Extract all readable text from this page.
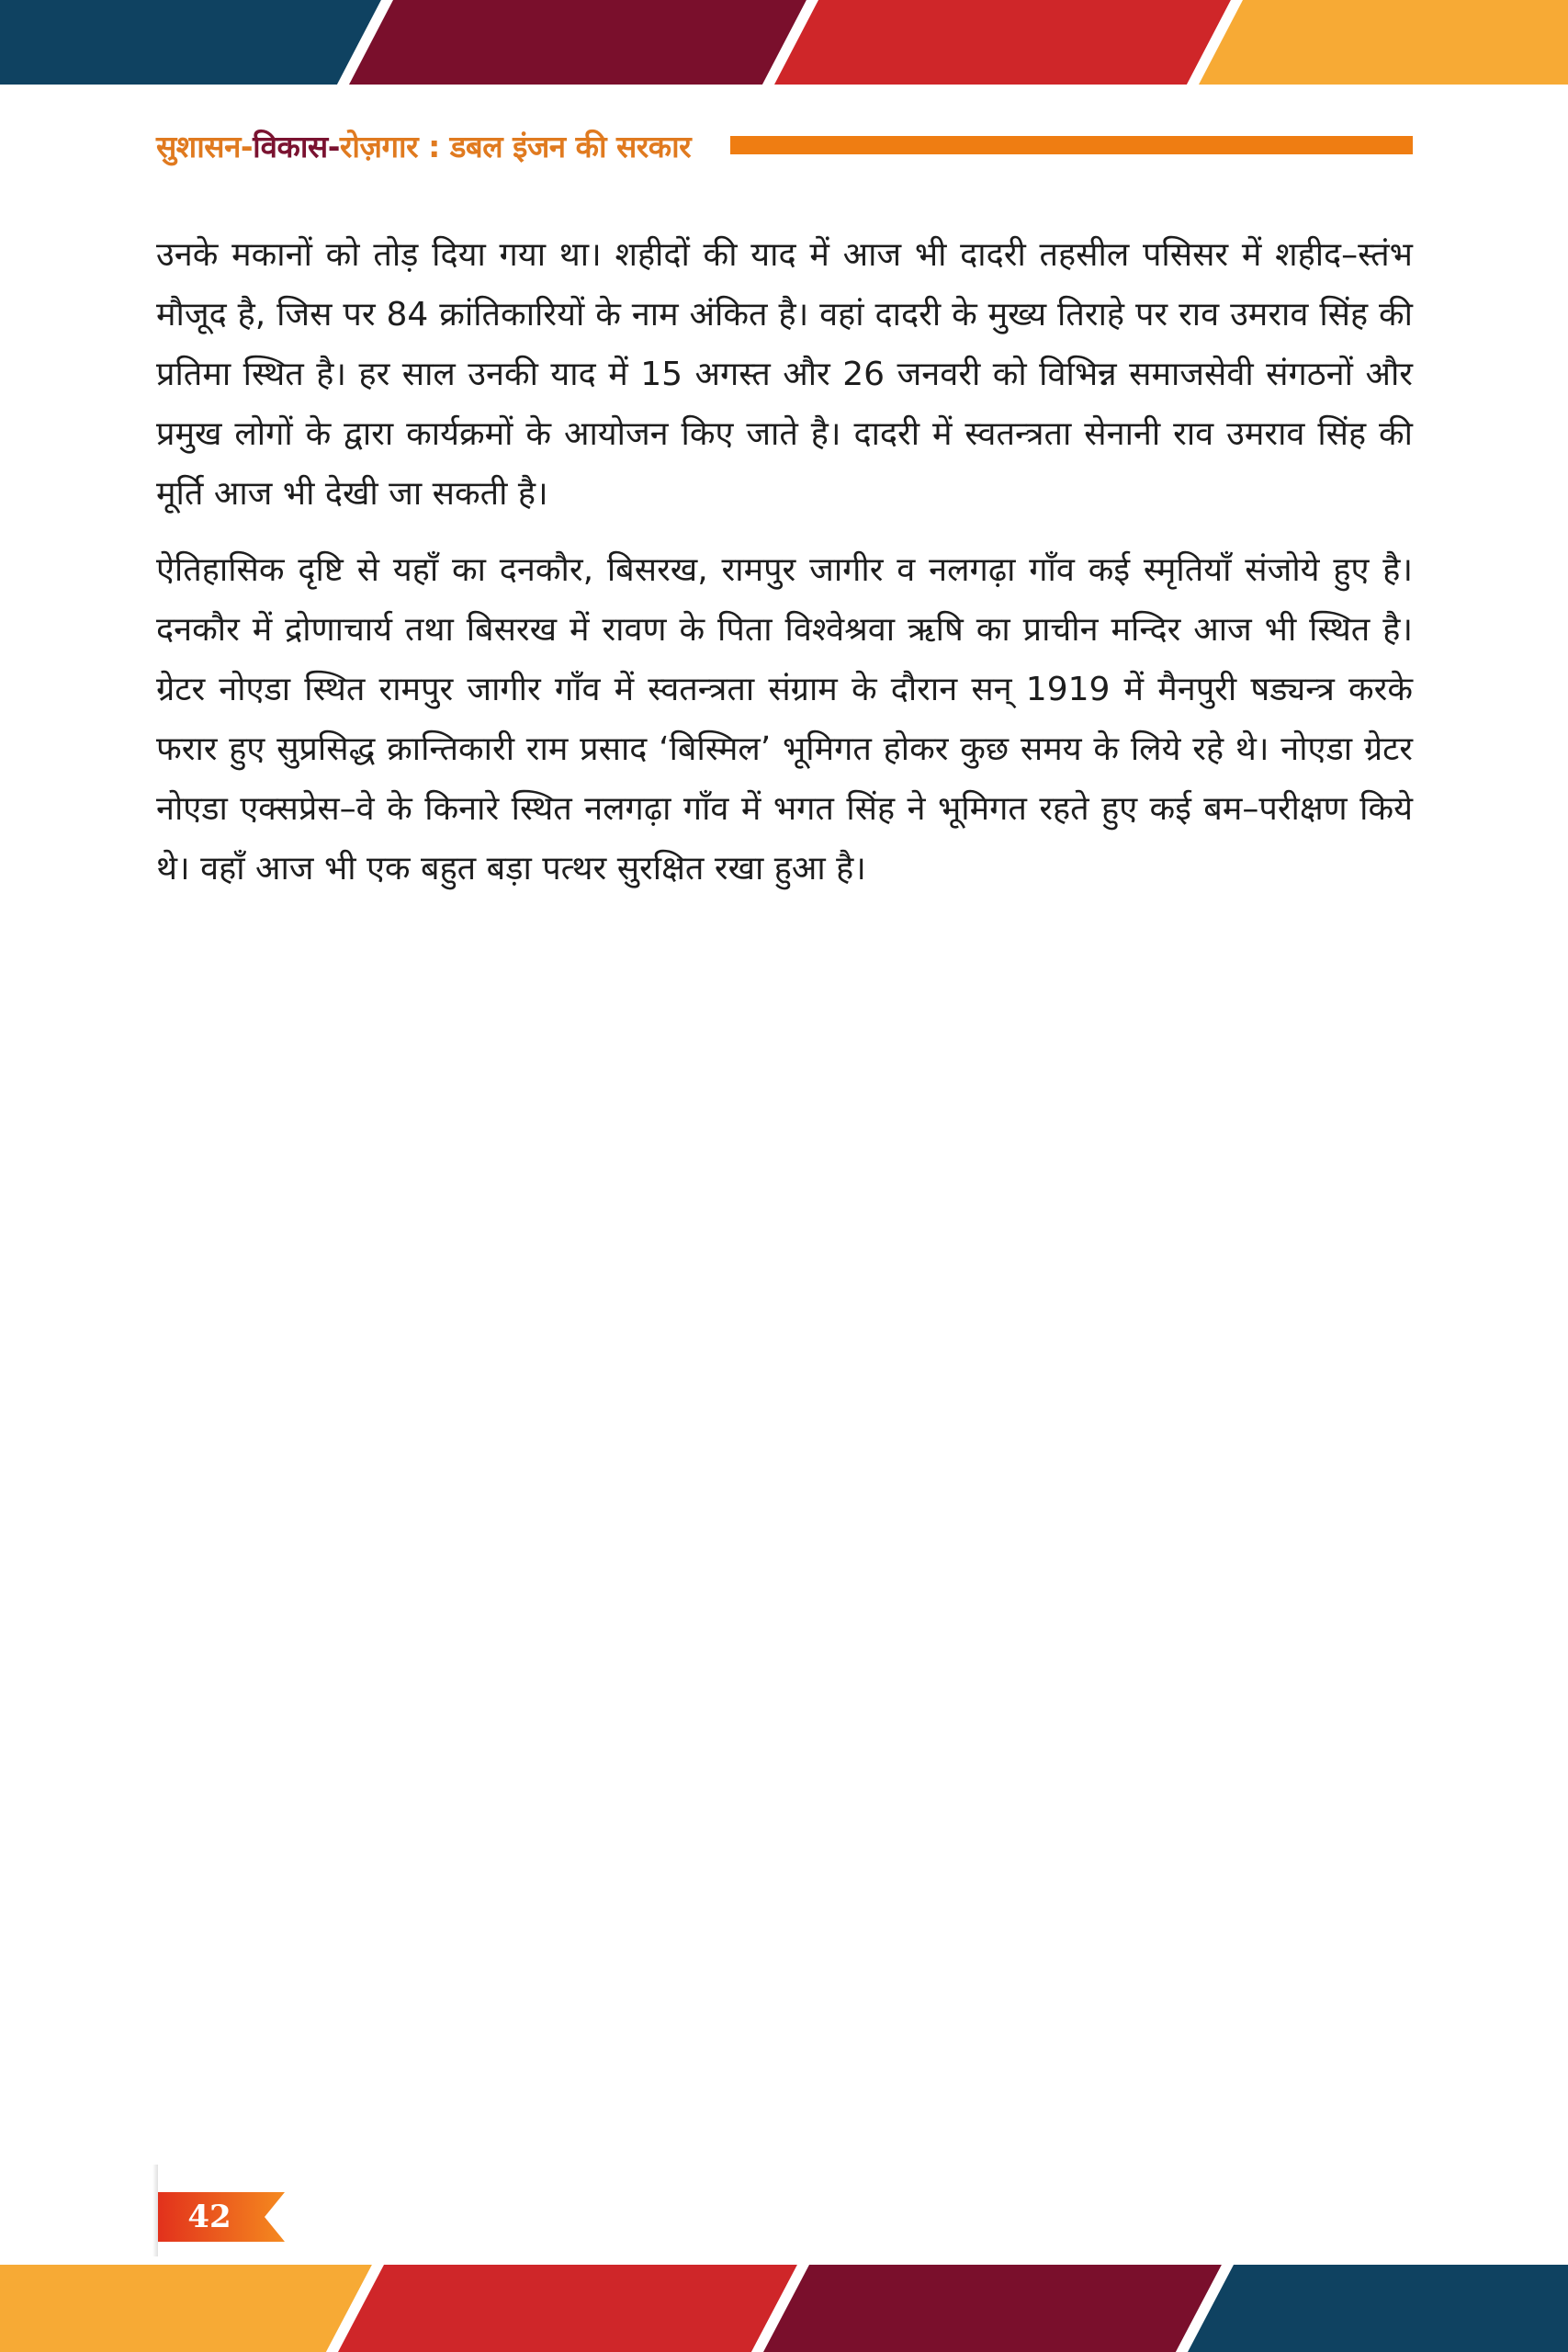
सुशासन-विकास-रोज़गार : डबल इंजन की सरकार

उनके मकानों को तोड़ दिया गया था। शहीदों की याद में आज भी दादरी तहसील पसिसर में शहीद–स्तंभ मौजूद है, जिस पर 84 क्रांतिकारियों के नाम अंकित है। वहां दादरी के मुख्य तिराहे पर राव उमराव सिंह की प्रतिमा स्थित है। हर साल उनकी याद में 15 अगस्त और 26 जनवरी को विभिन्न समाजसेवी संगठनों और प्रमुख लोगों के द्वारा कार्यक्रमों के आयोजन किए जाते है। दादरी में स्वतन्त्रता सेनानी राव उमराव सिंह की मूर्ति आज भी देखी जा सकती है।

ऐतिहासिक दृष्टि से यहाँ का दनकौर, बिसरख, रामपुर जागीर व नलगढ़ा गाँव कई स्मृतियाँ संजोये हुए है। दनकौर में द्रोणाचार्य तथा बिसरख में रावण के पिता विश्वेश्रवा ऋषि का प्राचीन मन्दिर आज भी स्थित है। ग्रेटर नोएडा स्थित रामपुर जागीर गाँव में स्वतन्त्रता संग्राम के दौरान सन् 1919 में मैनपुरी षड्यन्त्र करके फरार हुए सुप्रसिद्ध क्रान्तिकारी राम प्रसाद ‘बिस्मिल’ भूमिगत होकर कुछ समय के लिये रहे थे। नोएडा ग्रेटर नोएडा एक्सप्रेस–वे के किनारे स्थित नलगढ़ा गाँव में भगत सिंह ने भूमिगत रहते हुए कई बम–परीक्षण किये थे। वहाँ आज भी एक बहुत बड़ा पत्थर सुरक्षित रखा हुआ है।

42
